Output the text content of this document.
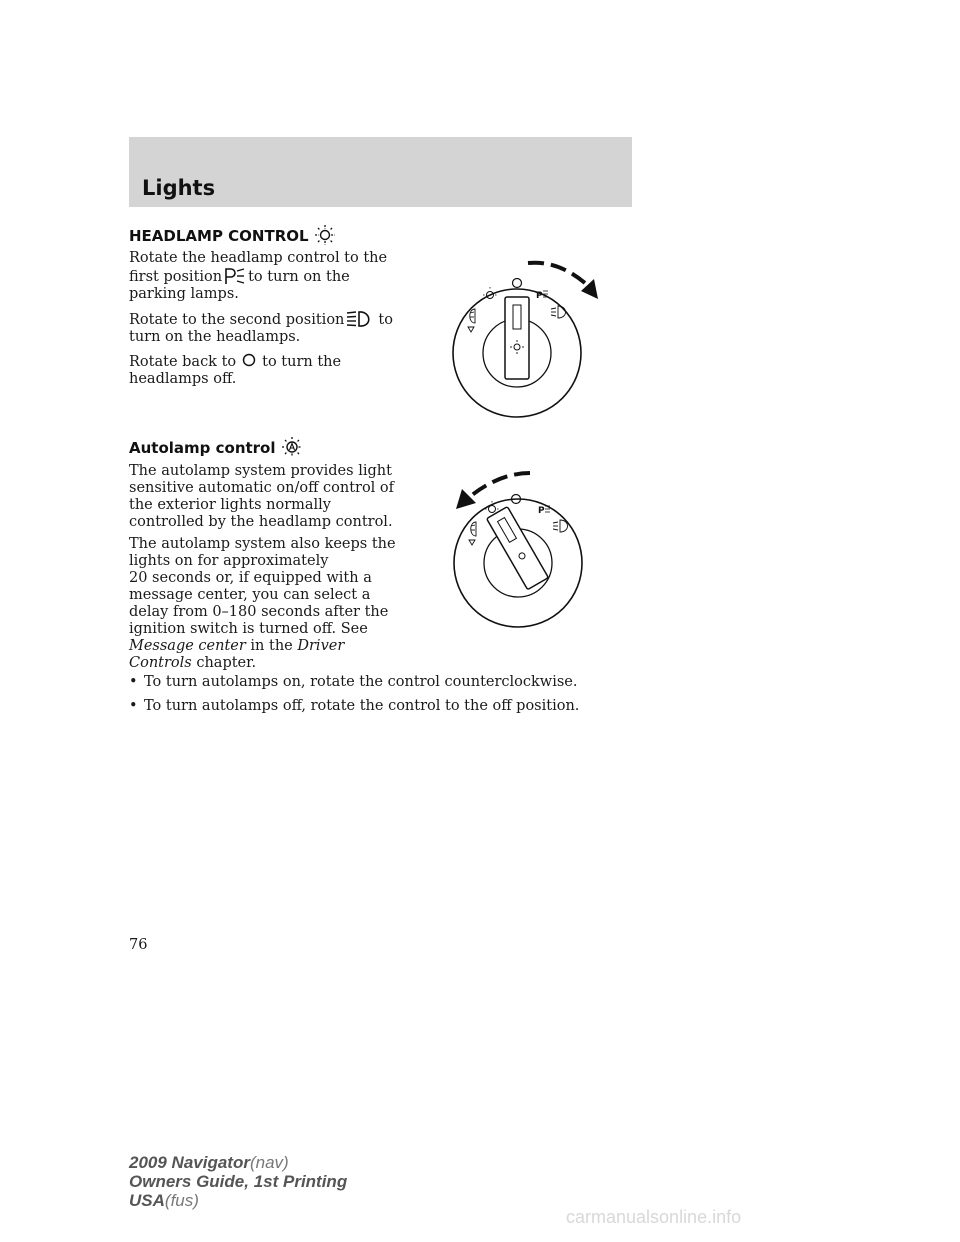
Lights
HEADLAMP CONTROL
Rotate the headlamp control to the
first position to turn on the
parking lamps.
Rotate to the second position to
turn on the headlamps.
Rotate back to to turn the
headlamps off.
P
Autolamp control
The autolamp system provides light
sensitive automatic on/off control of
the exterior lights normally
controlled by the headlamp control.
The autolamp system also keeps the
lights on for approximately
20 seconds or, if equipped with a
message center, you can select a
delay from 0–180 seconds after the
ignition switch is turned off. See
Message center in the Driver
Controls chapter.
• To turn autolamps on, rotate the control counterclockwise.
• To turn autolamps off, rotate the control to the off position.
P
76
2009 Navigator(nav)
Owners Guide, 1st Printing
USA(fus)
carmanualsonline.info
